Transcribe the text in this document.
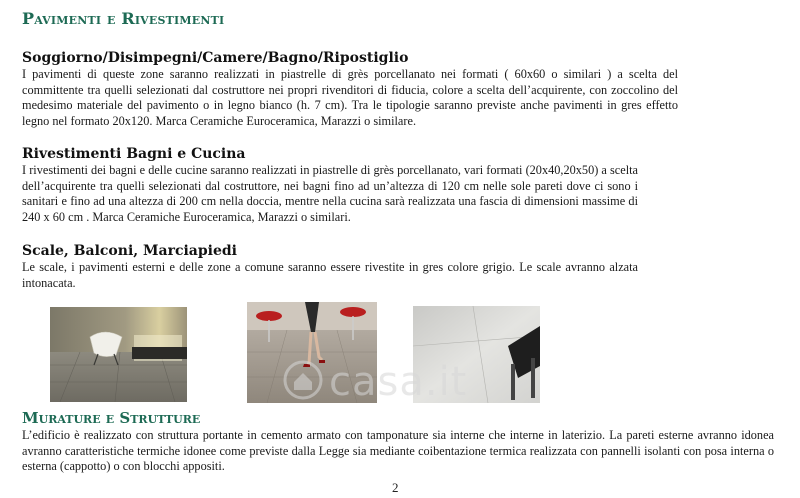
Pavimenti e Rivestimenti
Soggiorno/Disimpegni/Camere/Bagno/Ripostiglio

I pavimenti di queste zone saranno realizzati in piastrelle di grès porcellanato nei formati ( 60x60 o similari ) a scelta del committente tra quelli selezionati dal costruttore nei propri rivenditori di fiducia, colore a scelta dell’acquirente, con zoccolino del medesimo materiale del pavimento o in legno bianco (h. 7 cm). Tra le tipologie saranno previste anche pavimenti in gres effetto legno nel formato 20x120. Marca Ceramiche Euroceramica, Marazzi o similare.

Rivestimenti Bagni e Cucina

I rivestimenti dei bagni e delle cucine saranno realizzati in piastrelle di grès porcellanato, vari formati (20x40,20x50) a scelta dell’acquirente tra quelli selezionati dal costruttore, nei bagni fino ad un’altezza di 120 cm nelle sole pareti dove ci sono i sanitari e fino ad una altezza di 200 cm nella doccia, mentre nella cucina sarà realizzata una fascia di dimensioni massime di 240 x 60 cm . Marca Ceramiche Euroceramica, Marazzi o similari.

Scale, Balconi, Marciapiedi

Le scale, i pavimenti esterni e delle zone a comune saranno essere rivestite in gres colore grigio. Le scale avranno alzata intonacata.

casa.it
Murature e Strutture

L’edificio è realizzato con struttura portante in cemento armato con tamponature sia interne che interne in laterizio. La pareti esterne avranno idonea avranno caratteristiche termiche idonee come previste dalla Legge sia mediante coibentazione termica realizzata con pannelli isolanti con posa interna o esterna (cappotto) o con blocchi appositi.

2
